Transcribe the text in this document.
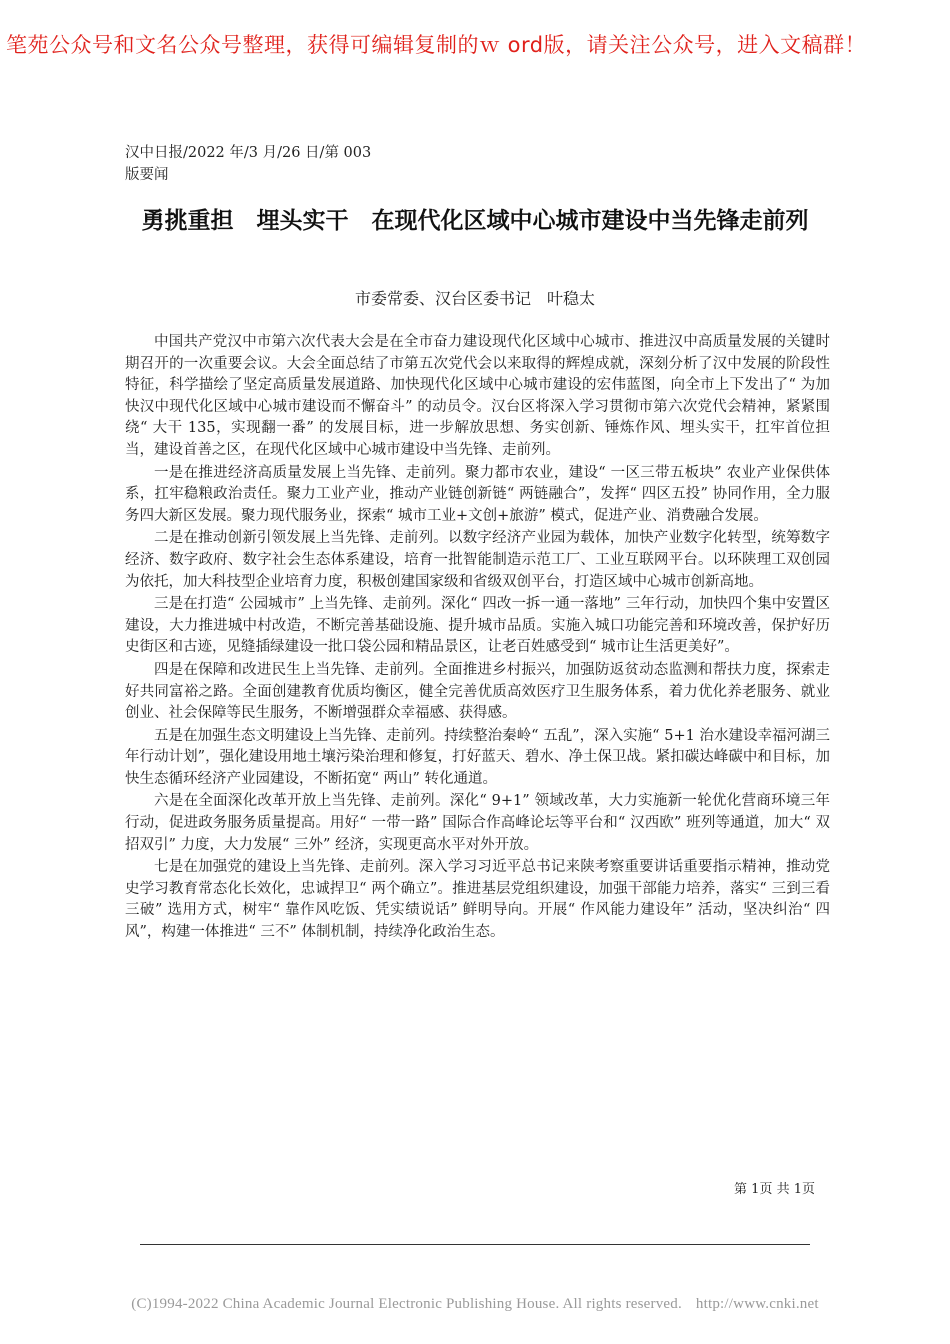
笔苑公众号和文名公众号整理，获得可编辑复制的ｗ ord版，请关注公众号，进入文稿群！
汉中日报/2022 年/3 月/26 日/第 003
版要闻
勇挑重担　埋头实干　在现代化区域中心城市建设中当先锋走前列
市委常委、汉台区委书记　叶稳太

中国共产党汉中市第六次代表大会是在全市奋力建设现代化区域中心城市、推进汉中高质量发展的关键时期召开的一次重要会议。大会全面总结了市第五次党代会以来取得的辉煌成就，深刻分析了汉中发展的阶段性特征，科学描绘了坚定高质量发展道路、加快现代化区域中心城市建设的宏伟蓝图，向全市上下发出了“ 为加快汉中现代化区域中心城市建设而不懈奋斗” 的动员令。汉台区将深入学习贯彻市第六次党代会精神，紧紧围绕“ 大干 135，实现翻一番” 的发展目标，进一步解放思想、务实创新、锤炼作风、埋头实干，扛牢首位担当，建设首善之区，在现代化区域中心城市建设中当先锋、走前列。

一是在推进经济高质量发展上当先锋、走前列。聚力都市农业，建设“ 一区三带五板块” 农业产业保供体系，扛牢稳粮政治责任。聚力工业产业，推动产业链创新链“ 两链融合”，发挥“ 四区五投” 协同作用，全力服务四大新区发展。聚力现代服务业，探索“ 城市工业+文创+旅游” 模式，促进产业、消费融合发展。

二是在推动创新引领发展上当先锋、走前列。以数字经济产业园为载体，加快产业数字化转型，统筹数字经济、数字政府、数字社会生态体系建设，培育一批智能制造示范工厂、工业互联网平台。以环陕理工双创园为依托，加大科技型企业培育力度，积极创建国家级和省级双创平台，打造区域中心城市创新高地。

三是在打造“ 公园城市” 上当先锋、走前列。深化“ 四改一拆一通一落地” 三年行动，加快四个集中安置区建设，大力推进城中村改造，不断完善基础设施、提升城市品质。实施入城口功能完善和环境改善，保护好历史街区和古迹，见缝插绿建设一批口袋公园和精品景区，让老百姓感受到“ 城市让生活更美好”。

四是在保障和改进民生上当先锋、走前列。全面推进乡村振兴，加强防返贫动态监测和帮扶力度，探索走好共同富裕之路。全面创建教育优质均衡区，健全完善优质高效医疗卫生服务体系，着力优化养老服务、就业创业、社会保障等民生服务，不断增强群众幸福感、获得感。

五是在加强生态文明建设上当先锋、走前列。持续整治秦岭“ 五乱”，深入实施“ 5+1 治水建设幸福河湖三年行动计划”，强化建设用地土壤污染治理和修复，打好蓝天、碧水、净土保卫战。紧扣碳达峰碳中和目标，加快生态循环经济产业园建设，不断拓宽“ 两山” 转化通道。

六是在全面深化改革开放上当先锋、走前列。深化“ 9+1” 领域改革，大力实施新一轮优化营商环境三年行动，促进政务服务质量提高。用好“ 一带一路” 国际合作高峰论坛等平台和“ 汉西欧” 班列等通道，加大“ 双招双引” 力度，大力发展“ 三外” 经济，实现更高水平对外开放。

七是在加强党的建设上当先锋、走前列。深入学习习近平总书记来陕考察重要讲话重要指示精神，推动党史学习教育常态化长效化，忠诚捍卫“ 两个确立”。推进基层党组织建设，加强干部能力培养，落实“ 三到三看三破” 选用方式，树牢“ 靠作风吃饭、凭实绩说话” 鲜明导向。开展“ 作风能力建设年” 活动，坚决纠治“ 四风”，构建一体推进“ 三不” 体制机制，持续净化政治生态。

第 1页 共 1页
(C)1994-2022 China Academic Journal Electronic Publishing House. All rights reserved. http://www.cnki.net
